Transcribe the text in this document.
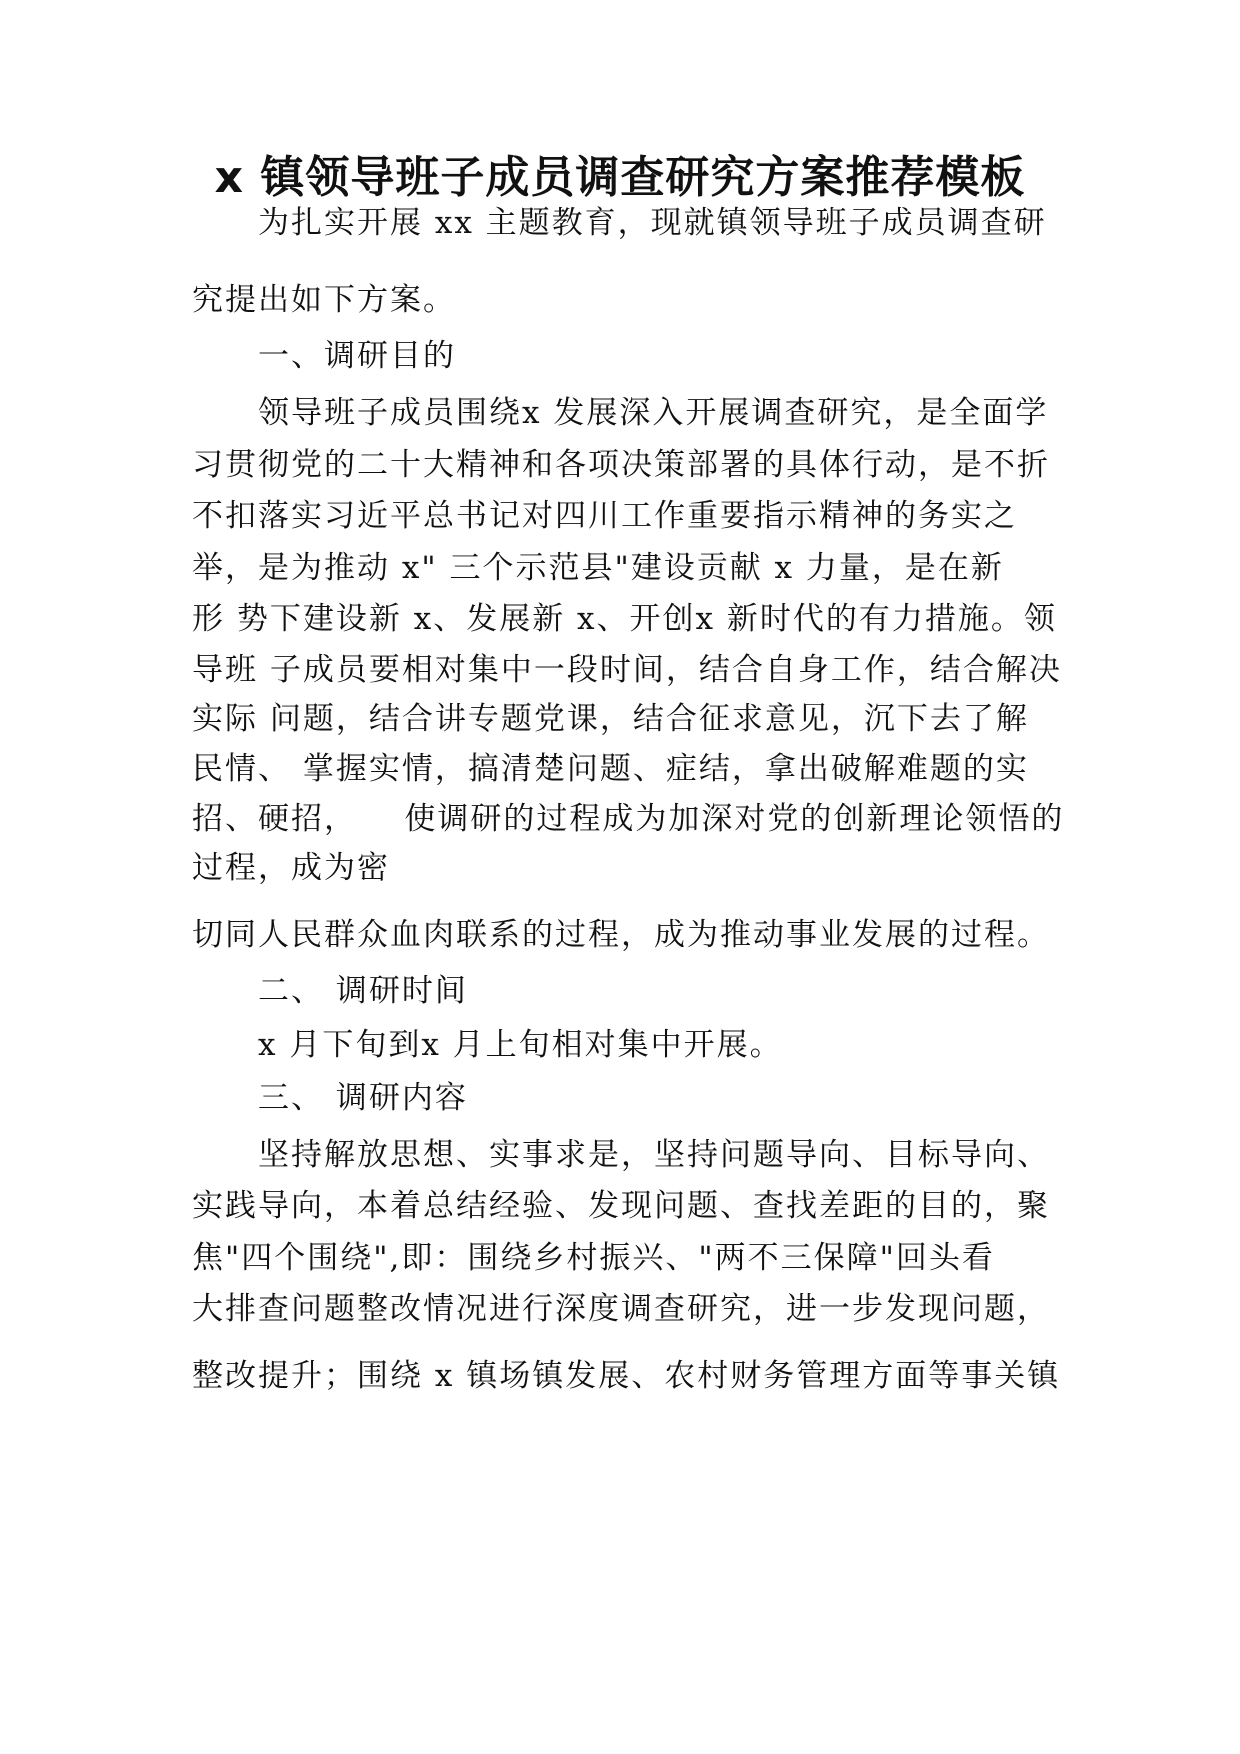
x 镇领导班子成员调查研究方案推荐模板

为扎实开展 xx 主题教育，现就镇领导班子成员调查研

究提出如下方案。

一、调研目的

领导班子成员围绕x 发展深入开展调查研究，是全面学

习贯彻党的二十大精神和各项决策部署的具体行动，是不折

不扣落实习近平总书记对四川工作重要指示精神的务实之

举，是为推动 x" 三个示范县"建设贡献 x 力量，是在新

形 势下建设新 x、发展新 x、开创x 新时代的有力措施。领

导班 子成员要相对集中一段时间，结合自身工作，结合解决

实际 问题，结合讲专题党课，结合征求意见，沉下去了解

民情、 掌握实情，搞清楚问题、症结，拿出破解难题的实

招、硬招，    使调研的过程成为加深对党的创新理论领悟的

过程，成为密

切同人民群众血肉联系的过程，成为推动事业发展的过程。

二、 调研时间

x 月下旬到x 月上旬相对集中开展。

三、 调研内容

坚持解放思想、实事求是，坚持问题导向、目标导向、

实践导向，本着总结经验、发现问题、查找差距的目的，聚

焦"四个围绕",即：围绕乡村振兴、"两不三保障"回头看

大排查问题整改情况进行深度调查研究，进一步发现问题，

整改提升；围绕 x 镇场镇发展、农村财务管理方面等事关镇
